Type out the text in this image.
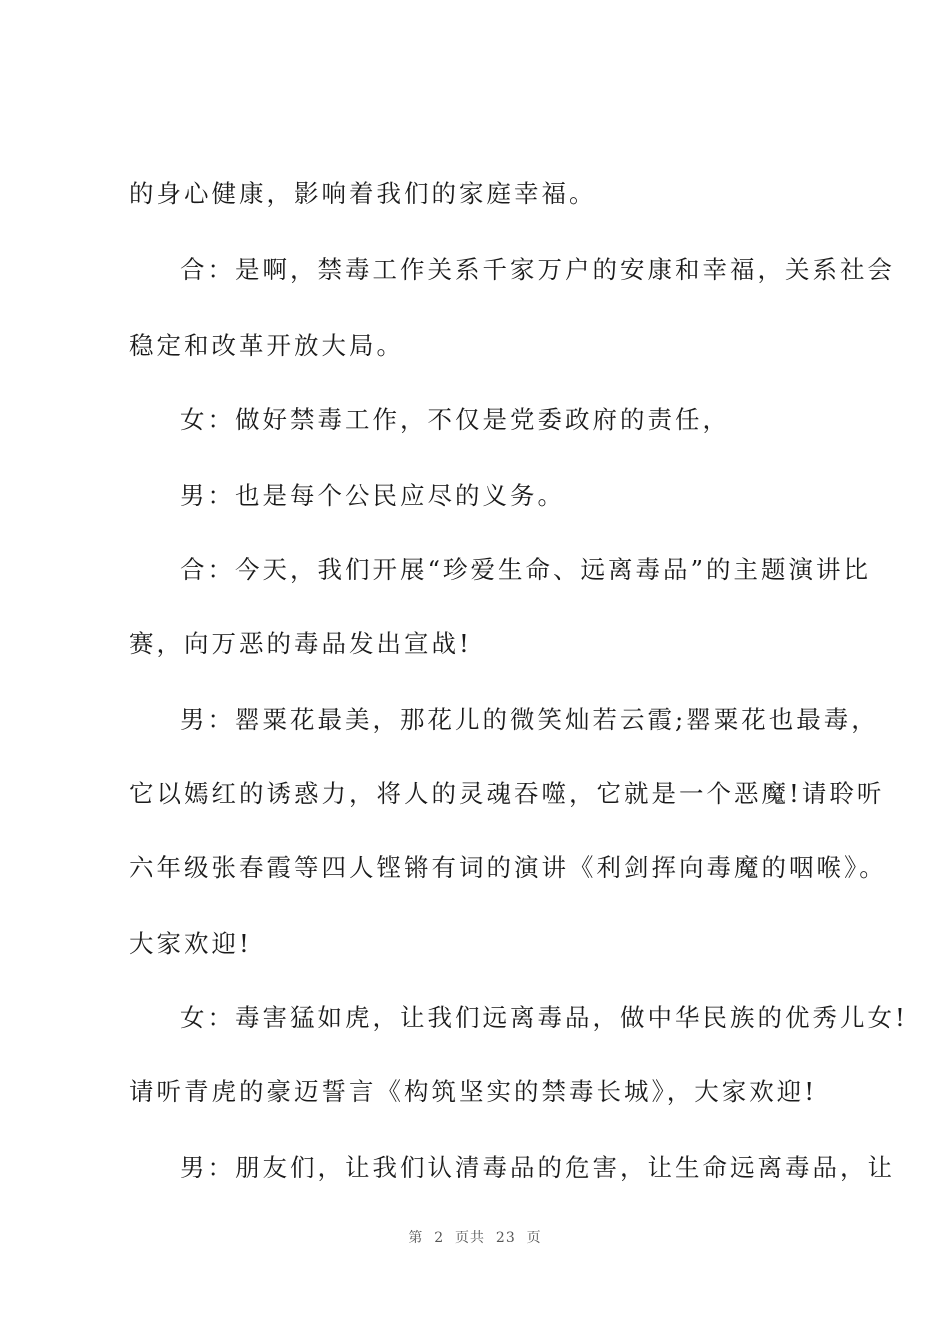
的身心健康，影响着我们的家庭幸福。
合：是啊，禁毒工作关系千家万户的安康和幸福，关系社会
稳定和改革开放大局。
女：做好禁毒工作，不仅是党委政府的责任，
男：也是每个公民应尽的义务。
合：今天，我们开展“珍爱生命、远离毒品”的主题演讲比
赛，向万恶的毒品发出宣战!
男：罂粟花最美，那花儿的微笑灿若云霞;罂粟花也最毒，
它以嫣红的诱惑力，将人的灵魂吞噬，它就是一个恶魔!请聆听
六年级张春霞等四人铿锵有词的演讲《利剑挥向毒魔的咽喉》。
大家欢迎!
女：毒害猛如虎，让我们远离毒品，做中华民族的优秀儿女!
请听青虎的豪迈誓言《构筑坚实的禁毒长城》，大家欢迎!
男：朋友们，让我们认清毒品的危害，让生命远离毒品，让
第  2  页共  23  页
